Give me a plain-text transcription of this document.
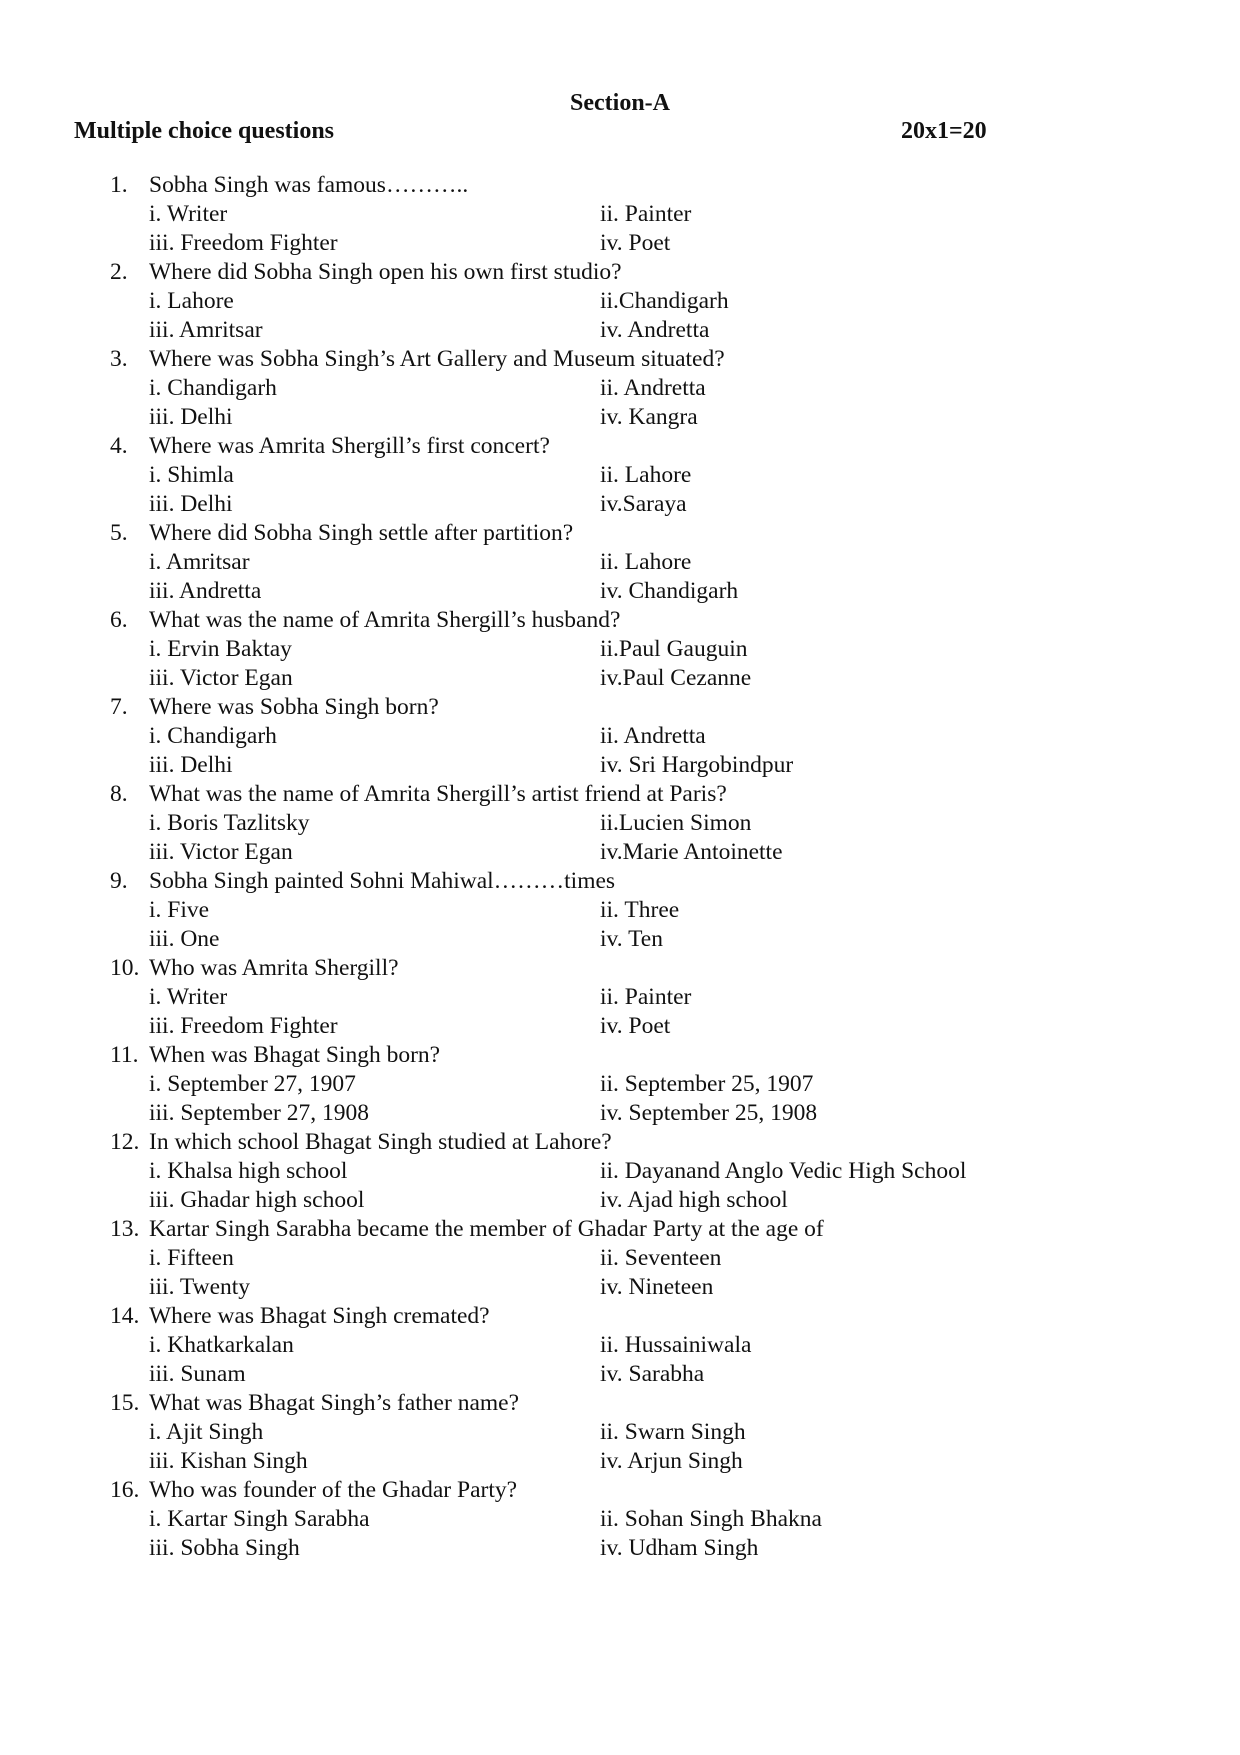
Section-A
Multiple choice questions	20x1=20
1. Sobha Singh was famous………..
i. Writer	ii. Painter
iii. Freedom Fighter	iv. Poet
2. Where did Sobha Singh open his own first studio?
i. Lahore	ii.Chandigarh
iii. Amritsar	iv. Andretta
3. Where was Sobha Singh’s Art Gallery and Museum situated?
i. Chandigarh	ii. Andretta
iii. Delhi	iv. Kangra
4. Where was Amrita Shergill’s first concert?
i. Shimla	ii. Lahore
iii. Delhi	iv.Saraya
5. Where did Sobha Singh settle after partition?
i. Amritsar	ii. Lahore
iii. Andretta	iv. Chandigarh
6. What was the name of Amrita Shergill’s husband?
i. Ervin Baktay	ii.Paul Gauguin
iii. Victor Egan	iv.Paul Cezanne
7. Where was Sobha Singh born?
i. Chandigarh	ii. Andretta
iii. Delhi	iv. Sri Hargobindpur
8. What was the name of Amrita Shergill’s artist friend at Paris?
i. Boris Tazlitsky	ii.Lucien Simon
iii. Victor Egan	iv.Marie Antoinette
9. Sobha Singh painted Sohni Mahiwal………times
i. Five	ii. Three
iii. One	iv. Ten
10. Who was Amrita Shergill?
i. Writer	ii. Painter
iii. Freedom Fighter	iv. Poet
11. When was Bhagat Singh born?
i. September 27, 1907	ii. September 25, 1907
iii. September 27, 1908	iv. September 25, 1908
12. In which school Bhagat Singh studied at Lahore?
i. Khalsa high school	ii. Dayanand Anglo Vedic High School
iii. Ghadar high school	iv. Ajad high school
13. Kartar Singh Sarabha became the member of Ghadar Party at the age of
i. Fifteen	ii. Seventeen
iii. Twenty	iv. Nineteen
14. Where was Bhagat Singh cremated?
i. Khatkarkalan	ii. Hussainiwala
iii. Sunam	iv. Sarabha
15. What was Bhagat Singh’s father name?
i. Ajit Singh	ii. Swarn Singh
iii. Kishan Singh	iv. Arjun Singh
16. Who was founder of the Ghadar Party?
i. Kartar Singh Sarabha	ii. Sohan Singh Bhakna
iii. Sobha Singh	iv. Udham Singh
